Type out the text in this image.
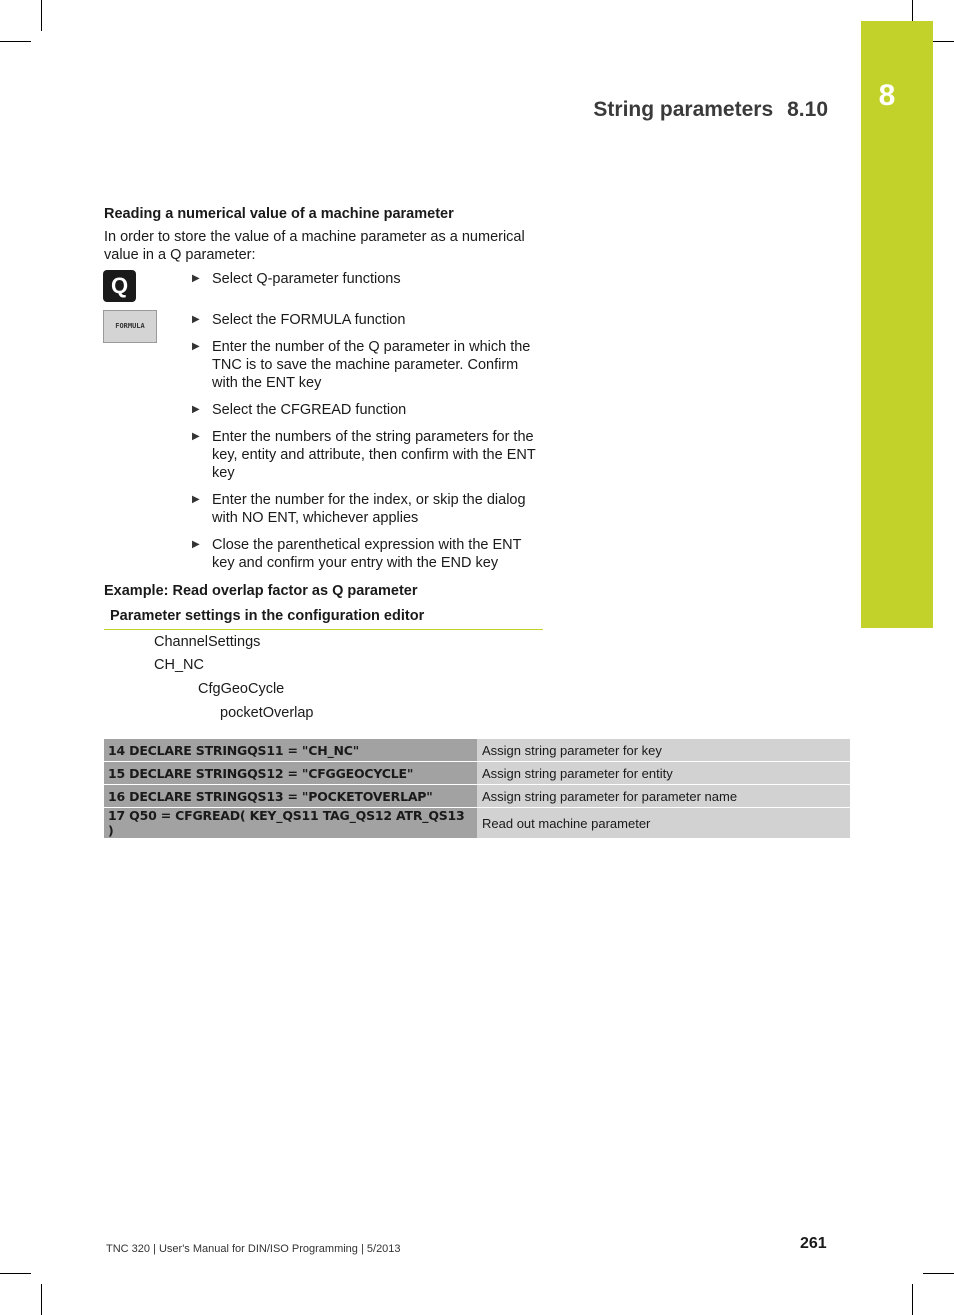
8
String parameters 8.10
Reading a numerical value of a machine parameter
In order to store the value of a machine parameter as a numerical value in a Q parameter:
Q
FORMULA
▶ Select Q-parameter functions
▶ Select the FORMULA function
▶ Enter the number of the Q parameter in which the TNC is to save the machine parameter. Confirm with the ENT key
▶ Select the CFGREAD function
▶ Enter the numbers of the string parameters for the key, entity and attribute, then confirm with the ENT key
▶ Enter the number for the index, or skip the dialog with NO ENT, whichever applies
▶ Close the parenthetical expression with the ENT key and confirm your entry with the END key
Example: Read overlap factor as Q parameter
Parameter settings in the configuration editor
ChannelSettings
CH_NC
CfgGeoCycle
pocketOverlap
14 DECLARE STRINGQS11 = "CH_NC"	Assign string parameter for key
15 DECLARE STRINGQS12 = "CFGGEOCYCLE"	Assign string parameter for entity
16 DECLARE STRINGQS13 = "POCKETOVERLAP"	Assign string parameter for parameter name
17 Q50 = CFGREAD( KEY_QS11 TAG_QS12 ATR_QS13 )	Read out machine parameter
TNC 320 | User's Manual for DIN/ISO Programming | 5/2013	261
